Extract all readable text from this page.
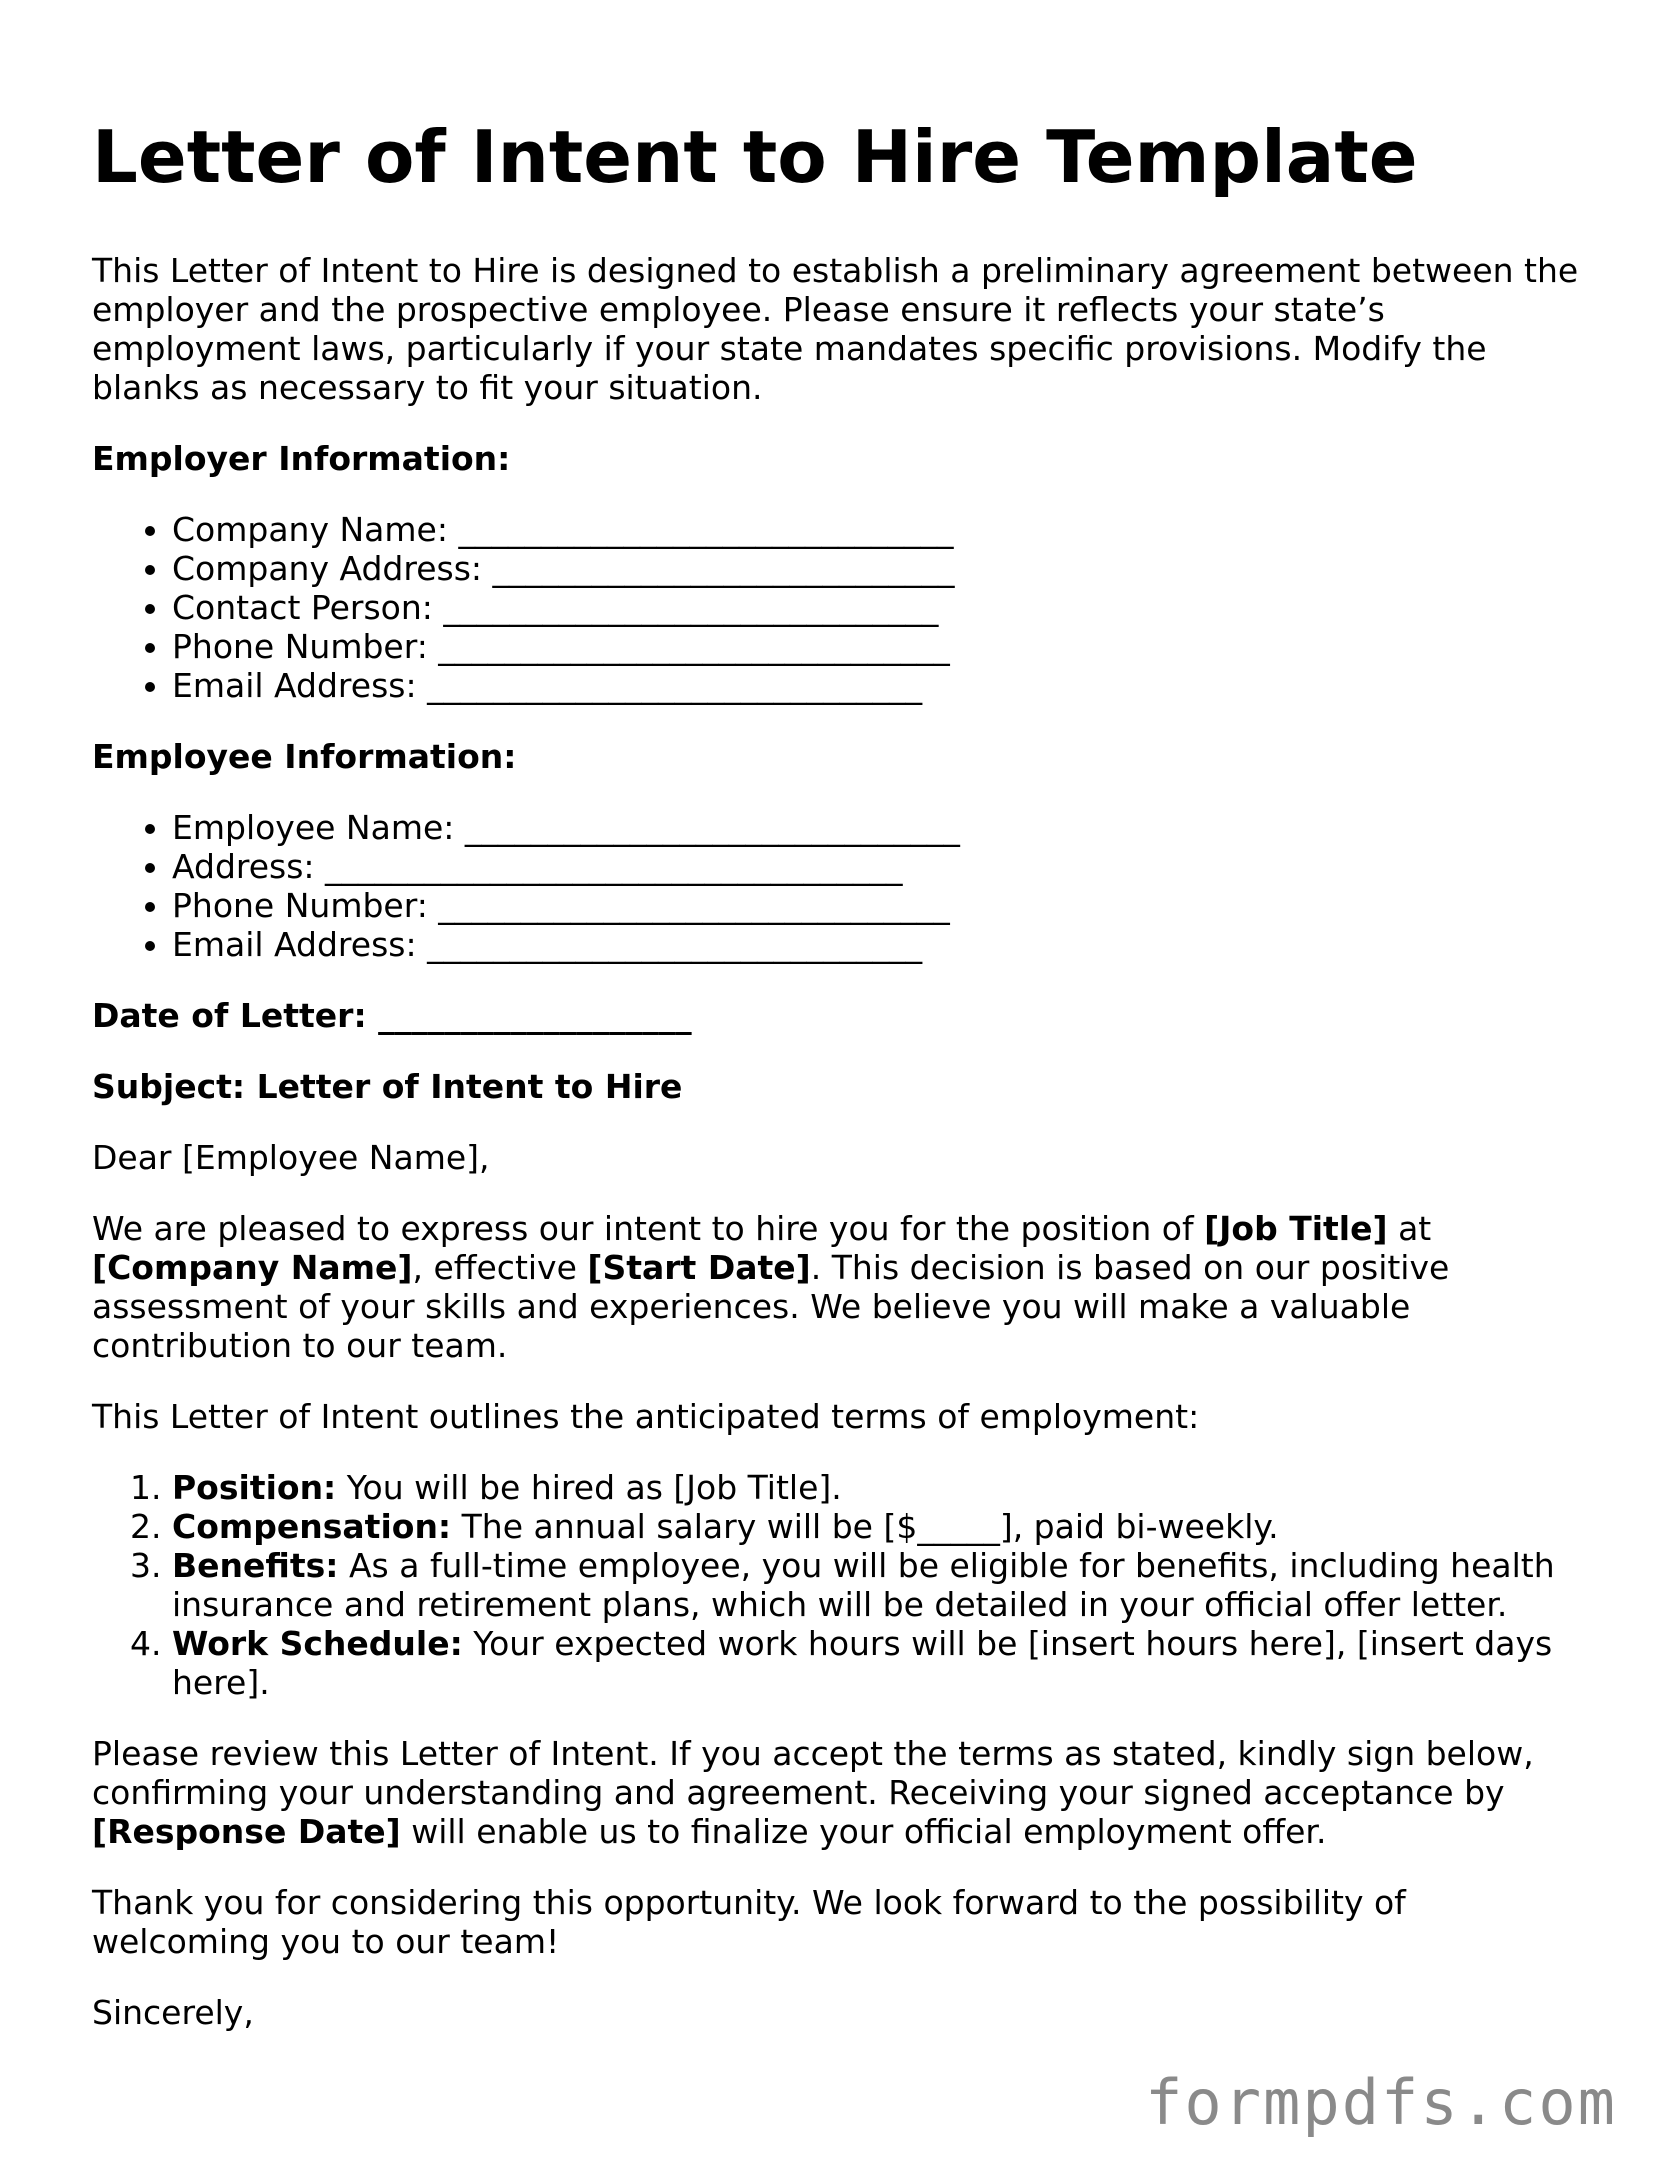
Letter of Intent to Hire Template

This Letter of Intent to Hire is designed to establish a preliminary agreement between the employer and the prospective employee. Please ensure it reflects your state’s employment laws, particularly if your state mandates specific provisions. Modify the blanks as necessary to fit your situation.

Employer Information:

• Company Name: ______________________________
• Company Address: ____________________________
• Contact Person: ______________________________
• Phone Number: _______________________________
• Email Address: ______________________________

Employee Information:

• Employee Name: ______________________________
• Address: ___________________________________
• Phone Number: _______________________________
• Email Address: ______________________________

Date of Letter: ___________________

Subject: Letter of Intent to Hire

Dear [Employee Name],

We are pleased to express our intent to hire you for the position of [Job Title] at [Company Name], effective [Start Date]. This decision is based on our positive assessment of your skills and experiences. We believe you will make a valuable contribution to our team.

This Letter of Intent outlines the anticipated terms of employment:

1. Position: You will be hired as [Job Title].
2. Compensation: The annual salary will be [$_____], paid bi-weekly.
3. Benefits: As a full-time employee, you will be eligible for benefits, including health insurance and retirement plans, which will be detailed in your official offer letter.
4. Work Schedule: Your expected work hours will be [insert hours here], [insert days here].

Please review this Letter of Intent. If you accept the terms as stated, kindly sign below, confirming your understanding and agreement. Receiving your signed acceptance by [Response Date] will enable us to finalize your official employment offer.

Thank you for considering this opportunity. We look forward to the possibility of welcoming you to our team!

Sincerely,

formpdfs.com
